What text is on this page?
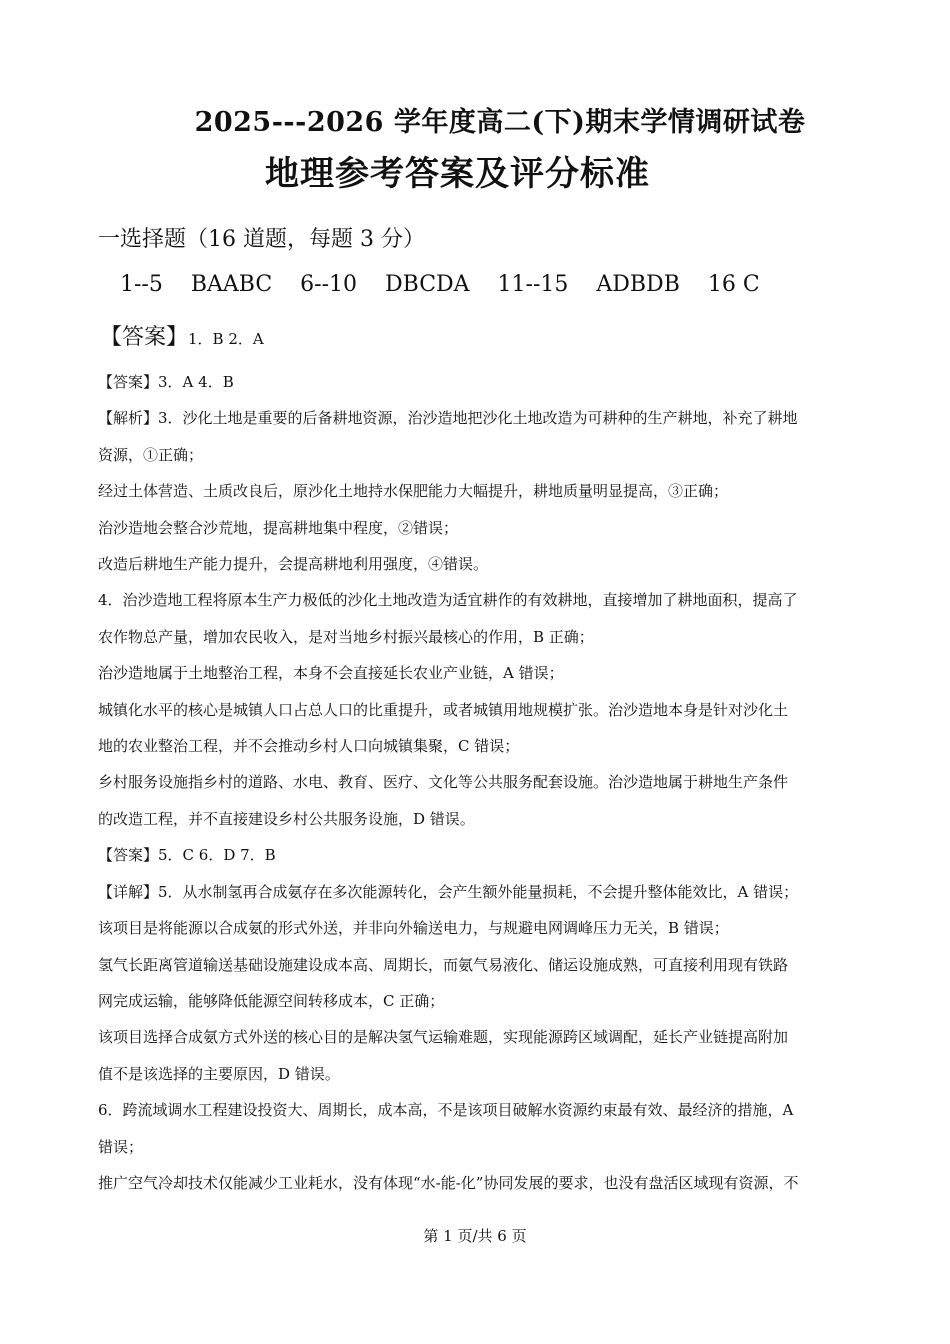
2025---2026 学年度高二(下)期末学情调研试卷
地理参考答案及评分标准
一选择题（16 道题，每题 3 分）
1--5    BAABC    6--10    DBCDA    11--15    ADBDB    16 C
【答案】1．B 2．A

【答案】3．A 4．B

【解析】3．沙化土地是重要的后备耕地资源，治沙造地把沙化土地改造为可耕种的生产耕地，补充了耕地

资源，①正确；

经过土体营造、土质改良后，原沙化土地持水保肥能力大幅提升，耕地质量明显提高，③正确；

治沙造地会整合沙荒地，提高耕地集中程度，②错误；

改造后耕地生产能力提升，会提高耕地利用强度，④错误。

4．治沙造地工程将原本生产力极低的沙化土地改造为适宜耕作的有效耕地，直接增加了耕地面积，提高了

农作物总产量，增加农民收入，是对当地乡村振兴最核心的作用，B 正确；

治沙造地属于土地整治工程，本身不会直接延长农业产业链，A 错误；

城镇化水平的核心是城镇人口占总人口的比重提升，或者城镇用地规模扩张。治沙造地本身是针对沙化土

地的农业整治工程，并不会推动乡村人口向城镇集聚，C 错误；

乡村服务设施指乡村的道路、水电、教育、医疗、文化等公共服务配套设施。治沙造地属于耕地生产条件

的改造工程，并不直接建设乡村公共服务设施，D 错误。

【答案】5．C 6．D 7．B

【详解】5．从水制氢再合成氨存在多次能源转化，会产生额外能量损耗，不会提升整体能效比，A 错误；

该项目是将能源以合成氨的形式外送，并非向外输送电力，与规避电网调峰压力无关，B 错误；

氢气长距离管道输送基础设施建设成本高、周期长，而氨气易液化、储运设施成熟，可直接利用现有铁路

网完成运输，能够降低能源空间转移成本，C 正确；

该项目选择合成氨方式外送的核心目的是解决氢气运输难题，实现能源跨区域调配，延长产业链提高附加

值不是该选择的主要原因，D 错误。

6．跨流域调水工程建设投资大、周期长，成本高，不是该项目破解水资源约束最有效、最经济的措施，A

错误；

推广空气冷却技术仅能减少工业耗水，没有体现“水-能-化”协同发展的要求，也没有盘活区域现有资源，不

第 1 页/共 6 页
